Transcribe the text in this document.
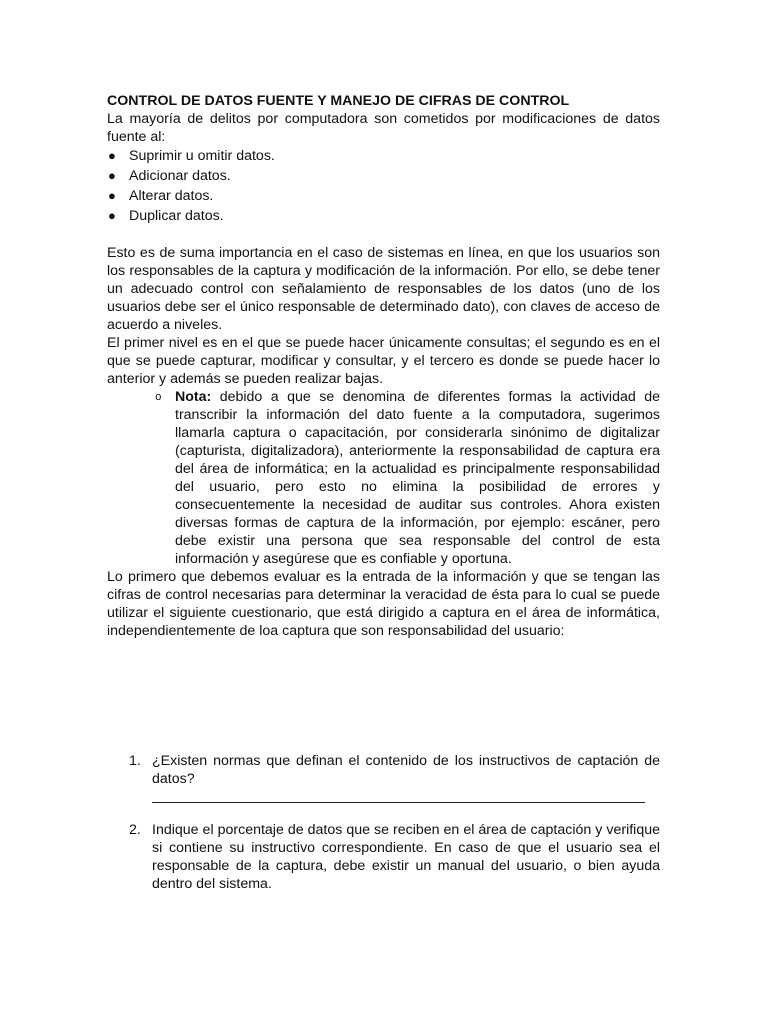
CONTROL DE DATOS FUENTE Y MANEJO DE CIFRAS DE CONTROL

La mayoría de delitos por computadora son cometidos por modificaciones de datos fuente al:

● Suprimir u omitir datos.
● Adicionar datos.
● Alterar datos.
● Duplicar datos.

Esto es de suma importancia en el caso de sistemas en línea, en que los usuarios son los responsables de la captura y modificación de la información. Por ello, se debe tener un adecuado control con señalamiento de responsables de los datos (uno de los usuarios debe ser el único responsable de determinado dato), con claves de acceso de acuerdo a niveles.

El primer nivel es en el que se puede hacer únicamente consultas; el segundo es en el que se puede capturar, modificar y consultar, y el tercero es donde se puede hacer lo anterior y además se pueden realizar bajas.

o Nota: debido a que se denomina de diferentes formas la actividad de transcribir la información del dato fuente a la computadora, sugerimos llamarla captura o capacitación, por considerarla sinónimo de digitalizar (capturista, digitalizadora), anteriormente la responsabilidad de captura era del área de informática; en la actualidad es principalmente responsabilidad del usuario, pero esto no elimina la posibilidad de errores y consecuentemente la necesidad de auditar sus controles. Ahora existen diversas formas de captura de la información, por ejemplo: escáner, pero debe existir una persona que sea responsable del control de esta información y asegúrese que es confiable y oportuna.

Lo primero que debemos evaluar es la entrada de la información y que se tengan las cifras de control necesarias para determinar la veracidad de ésta para lo cual se puede utilizar el siguiente cuestionario, que está dirigido a captura en el área de informática, independientemente de loa captura que son responsabilidad del usuario:

1. ¿Existen normas que definan el contenido de los instructivos de captación de datos?
2. Indique el porcentaje de datos que se reciben en el área de captación y verifique si contiene su instructivo correspondiente. En caso de que el usuario sea el responsable de la captura, debe existir un manual del usuario, o bien ayuda dentro del sistema.
